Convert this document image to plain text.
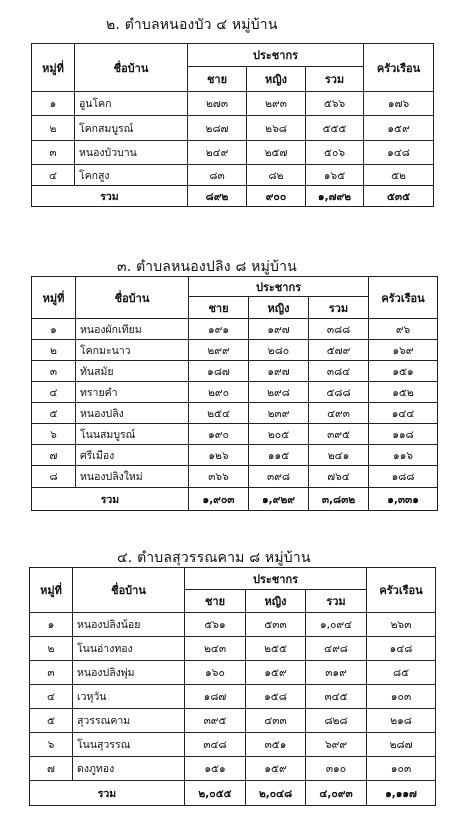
๒. ตำบลหนองบัว ๔ หมู่บ้าน
หมู่ที่	ชื่อบ้าน	ประชากร			ครัวเรือน
		ชาย	หญิง	รวม	
๑	อูนโคก	๒๗๓	๒๙๓	๕๖๖	๑๗๖
๒	โคกสมบูรณ์	๒๘๗	๒๖๘	๕๕๕	๑๕๙
๓	หนองบัวบาน	๒๔๙	๒๕๗	๕๐๖	๑๔๘
๔	โคกสูง	๘๓	๘๒	๑๖๕	๕๒
รวม		๘๙๒	๙๐๐	๑,๗๙๒	๕๓๕
๓. ตำบลหนองปลิง ๘ หมู่บ้าน
หมู่ที่	ชื่อบ้าน	ประชากร			ครัวเรือน
		ชาย	หญิง	รวม	
๑	หนองผักเทียม	๑๙๑	๑๙๗	๓๘๘	๙๖
๒	โคกมะนาว	๒๙๙	๒๘๐	๕๗๙	๑๖๙
๓	ทันสมัย	๑๘๗	๑๙๗	๓๘๔	๑๕๑
๔	ทรายคำ	๒๙๐	๒๙๘	๕๘๘	๑๕๒
๕	หนองปลิง	๒๕๔	๒๓๙	๔๙๓	๑๔๔
๖	โนนสมบูรณ์	๑๙๐	๒๐๕	๓๙๕	๑๑๘
๗	ศรีเมือง	๑๒๖	๑๑๕	๒๔๑	๑๑๖
๘	หนองปลิงใหม่	๓๖๖	๓๙๘	๗๖๔	๑๘๘
รวม		๑,๙๐๓	๑,๙๒๙	๓,๘๓๒	๑,๓๓๑
๔. ตำบลสุวรรณคาม ๘ หมู่บ้าน
หมู่ที่	ชื่อบ้าน	ประชากร			ครัวเรือน
		ชาย	หญิง	รวม	
๑	หนองปลิงน้อย	๕๖๑	๕๓๓	๑,๐๙๔	๒๖๓
๒	โนนอ่างทอง	๒๔๓	๒๕๕	๔๙๘	๑๔๘
๓	หนองปลิงพุ่ม	๑๖๐	๑๕๙	๓๑๙	๘๕
๔	เวหุวัน	๑๘๗	๑๕๘	๓๔๕	๑๐๓
๕	สุวรรณคาม	๓๙๕	๔๓๓	๘๒๘	๒๑๘
๖	โนนสุวรรณ	๓๔๘	๓๕๑	๖๙๙	๒๘๗
๗	ดงภูทอง	๑๕๑	๑๕๙	๓๑๐	๑๐๓
รวม		๒,๐๕๕	๒,๐๔๘	๔,๐๙๓	๑,๑๑๗
